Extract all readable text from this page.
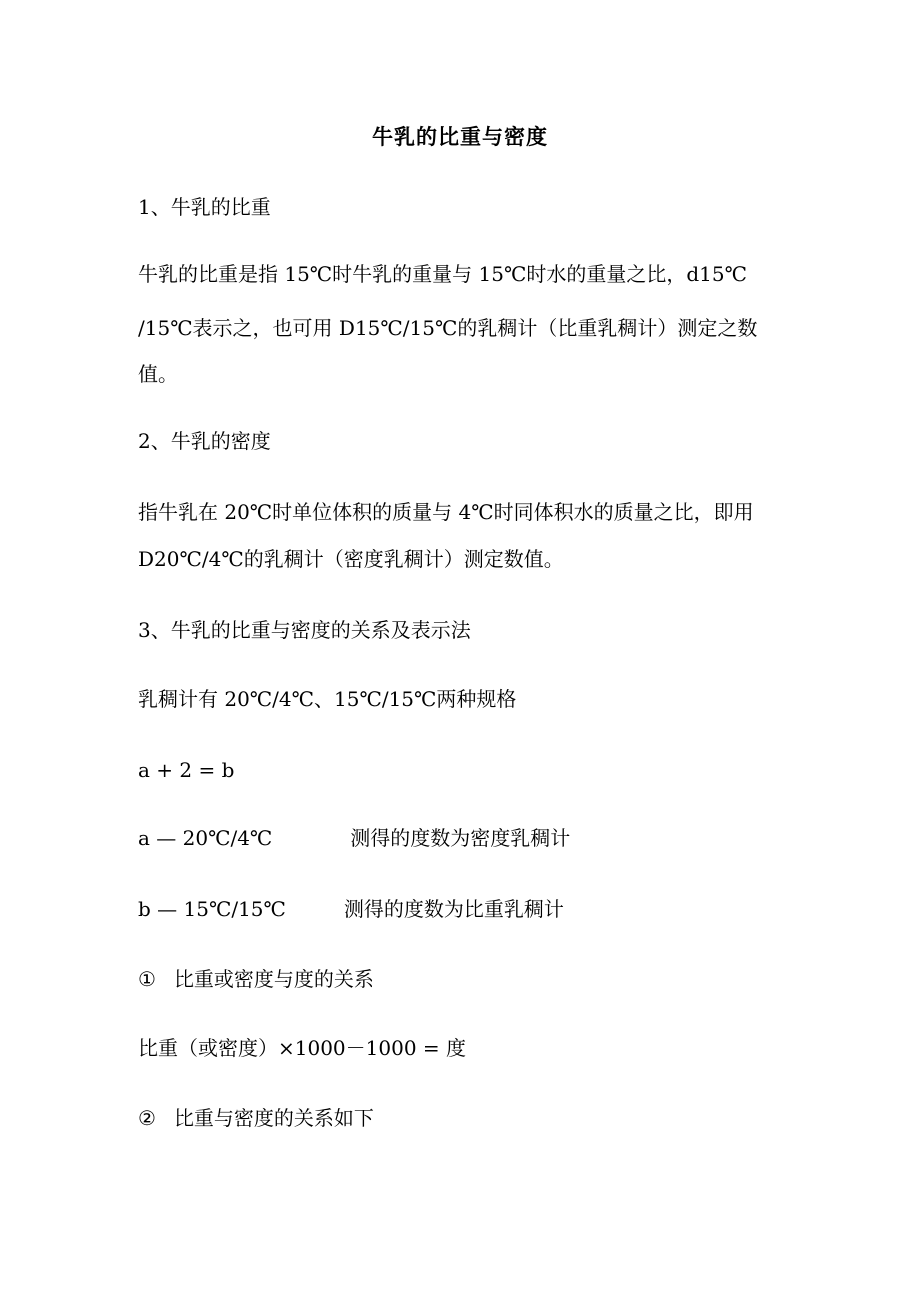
牛乳的比重与密度
1、牛乳的比重
牛乳的比重是指 15℃时牛乳的重量与 15℃时水的重量之比，d15℃
/15℃表示之，也可用 D15℃/15℃的乳稠计（比重乳稠计）测定之数
值。
2、牛乳的密度
指牛乳在 20℃时单位体积的质量与 4℃时同体积水的质量之比，即用
D20℃/4℃的乳稠计（密度乳稠计）测定数值。
3、牛乳的比重与密度的关系及表示法
乳稠计有 20℃/4℃、15℃/15℃两种规格
a + 2 = b
a — 20℃/4℃	测得的度数为密度乳稠计
b — 15℃/15℃	测得的度数为比重乳稠计
① 比重或密度与度的关系
比重（或密度）×1000－1000 = 度
② 比重与密度的关系如下
